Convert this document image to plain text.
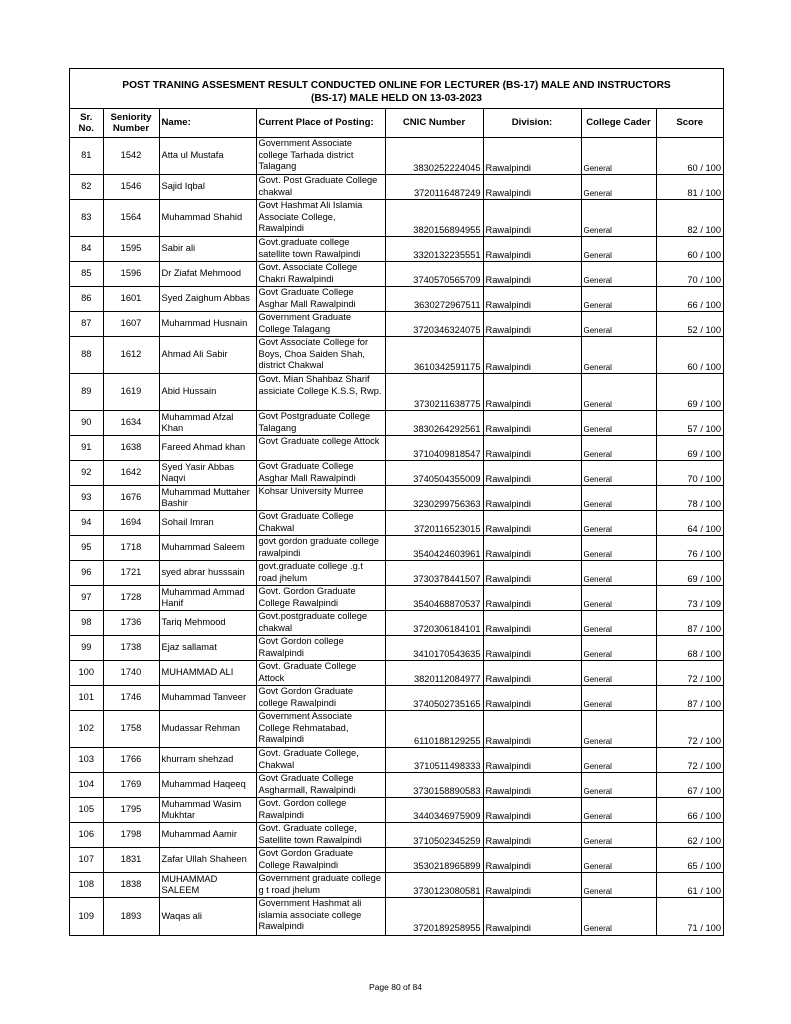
POST TRANING ASSESMENT RESULT CONDUCTED ONLINE FOR LECTURER (BS-17) MALE AND INSTRUCTORS
(BS-17) MALE HELD ON 13-03-2023
Sr. No.	Seniority Number	Name:	Current Place of Posting:	CNIC Number	Division:	College Cader	Score
81	1542	Atta ul Mustafa	Government Associate college Tarhada district Talagang	3830252224045	Rawalpindi	General	60 / 100
82	1546	Sajid Iqbal	Govt. Post Graduate College chakwal	3720116487249	Rawalpindi	General	81 / 100
83	1564	Muhammad Shahid	Govt Hashmat Ali Islamia Associate College, Rawalpindi	3820156894955	Rawalpindi	General	82 / 100
84	1595	Sabir ali	Govt.graduate college satellite town Rawalpindi	3320132235551	Rawalpindi	General	60 / 100
85	1596	Dr Ziafat Mehmood	Govt. Associate College Chakri Rawalpindi	3740570565709	Rawalpindi	General	70 / 100
86	1601	Syed Zaighum Abbas	Govt Graduate College Asghar Mall Rawalpindi	3630272967511	Rawalpindi	General	66 / 100
87	1607	Muhammad Husnain	Government Graduate College Talagang	3720346324075	Rawalpindi	General	52 / 100
88	1612	Ahmad Ali Sabir	Govt Associate College for Boys, Choa Saiden Shah, district Chakwal	3610342591175	Rawalpindi	General	60 / 100
89	1619	Abid Hussain	Govt. Mian Shahbaz Sharif assiciate College K.S.S, Rwp.	3730211638775	Rawalpindi	General	69 / 100
90	1634	Muhammad Afzal Khan	Govt Postgraduate College Talagang	3830264292561	Rawalpindi	General	57 / 100
91	1638	Fareed Ahmad khan	Govt Graduate college Attock	3710409818547	Rawalpindi	General	69 / 100
92	1642	Syed Yasir Abbas Naqvi	Govt Graduate College Asghar Mall Rawalpindi	3740504355009	Rawalpindi	General	70 / 100
93	1676	Muhammad Muttaher Bashir	Kohsar University Murree	3230299756363	Rawalpindi	General	78 / 100
94	1694	Sohail Imran	Govt Graduate College Chakwal	3720116523015	Rawalpindi	General	64 / 100
95	1718	Muhammad Saleem	govt gordon graduate college rawalpindi	3540424603961	Rawalpindi	General	76 / 100
96	1721	syed abrar husssain	govt.graduate college .g.t road jhelum	3730378441507	Rawalpindi	General	69 / 100
97	1728	Muhammad Ammad Hanif	Govt. Gordon Graduate College Rawalpindi	3540468870537	Rawalpindi	General	73 / 109
98	1736	Tariq Mehmood	Govt.postgraduate college chakwal	3720306184101	Rawalpindi	General	87 / 100
99	1738	Ejaz sallamat	Govt Gordon college Rawalpindi	3410170543635	Rawalpindi	General	68 / 100
100	1740	MUHAMMAD ALI	Govt. Graduate College Attock	3820112084977	Rawalpindi	General	72 / 100
101	1746	Muhammad Tanveer	Govt Gordon Graduate college Rawalpindi	3740502735165	Rawalpindi	General	87 / 100
102	1758	Mudassar Rehman	Government Associate College Rehmatabad, Rawalpindi	6110188129255	Rawalpindi	General	72 / 100
103	1766	khurram shehzad	Govt. Graduate College, Chakwal	3710511498333	Rawalpindi	General	72 / 100
104	1769	Muhammad Haqeeq	Govt Graduate College Asgharmall, Rawalpindi	3730158890583	Rawalpindi	General	67 / 100
105	1795	Muhammad Wasim Mukhtar	Govt. Gordon college Rawalpindi	3440346975909	Rawalpindi	General	66 / 100
106	1798	Muhammad Aamir	Govt. Graduate college, Satellite town Rawalpindi	3710502345259	Rawalpindi	General	62 / 100
107	1831	Zafar Ullah Shaheen	Govt Gordon Graduate College Rawalpindi	3530218965899	Rawalpindi	General	65 / 100
108	1838	MUHAMMAD SALEEM	Government graduate college g t road jhelum	3730123080581	Rawalpindi	General	61 / 100
109	1893	Waqas ali	Government Hashmat ali islamia associate college Rawalpindi	3720189258955	Rawalpindi	General	71 / 100
Page 80 of 84
